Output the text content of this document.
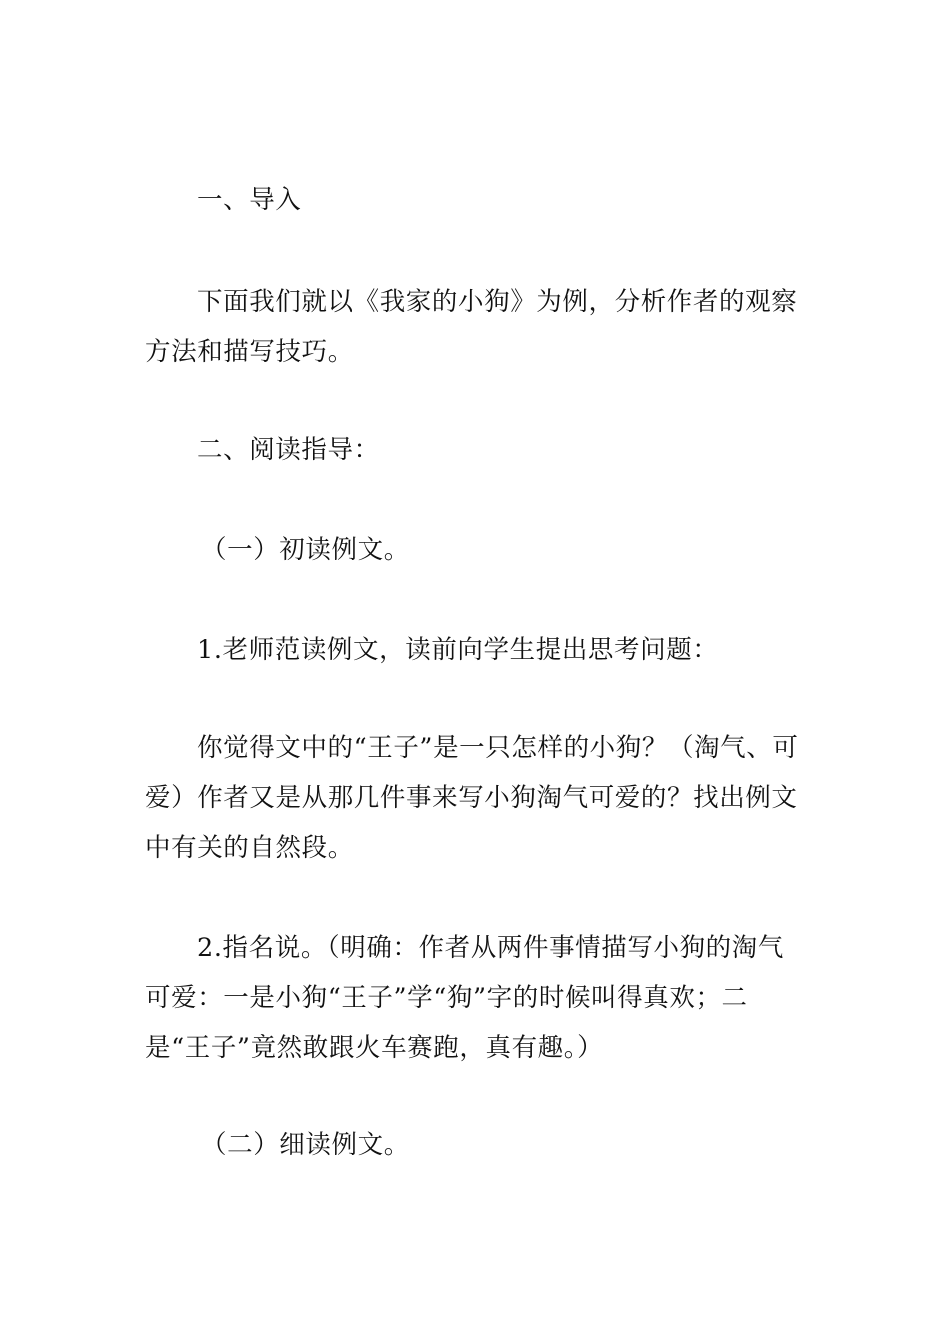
一、导入

下面我们就以《我家的小狗》为例，分析作者的观察方法和描写技巧。

二、阅读指导：

（一）初读例文。

1.老师范读例文，读前向学生提出思考问题：

你觉得文中的“王子”是一只怎样的小狗？（淘气、可爱）作者又是从那几件事来写小狗淘气可爱的？找出例文中有关的自然段。

2.指名说。（明确：作者从两件事情描写小狗的淘气可爱：一是小狗“王子”学“狗”字的时候叫得真欢；二是“王子”竟然敢跟火车赛跑，真有趣。）

（二）细读例文。
